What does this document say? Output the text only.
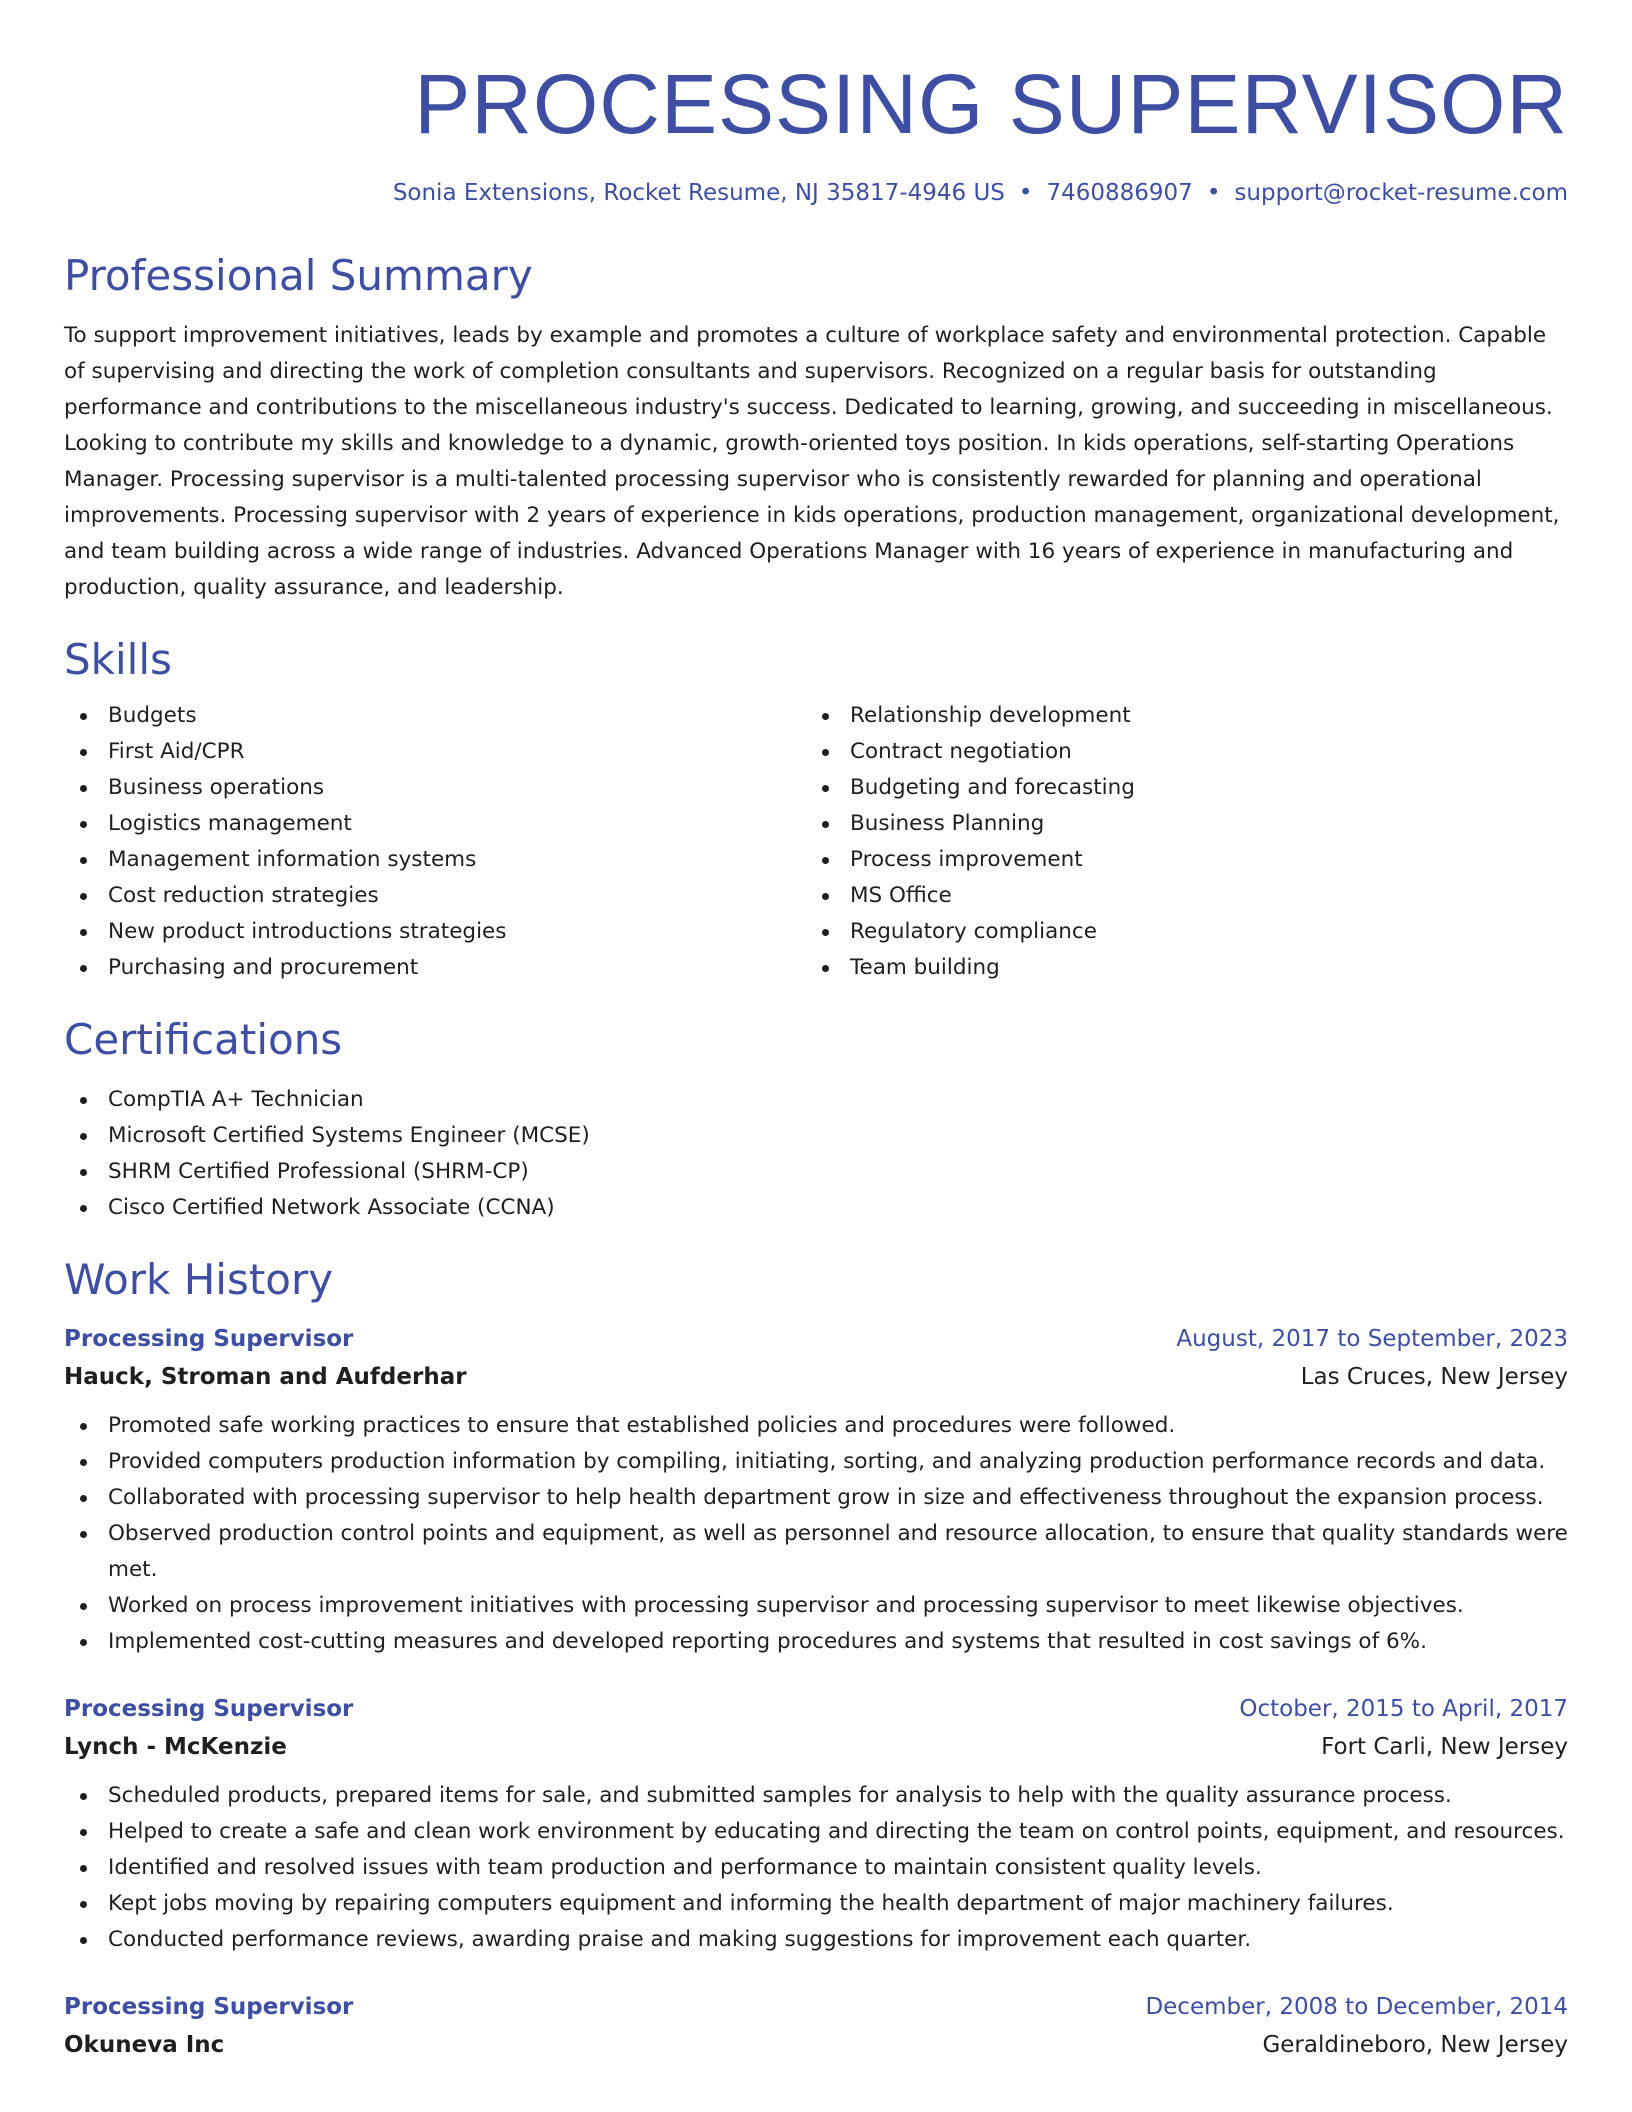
PROCESSING SUPERVISOR
Sonia Extensions, Rocket Resume, NJ 35817-4946 US • 7460886907 • support@rocket-resume.com
Professional Summary

To support improvement initiatives, leads by example and promotes a culture of workplace safety and environmental protection. Capable of supervising and directing the work of completion consultants and supervisors. Recognized on a regular basis for outstanding performance and contributions to the miscellaneous industry's success. Dedicated to learning, growing, and succeeding in miscellaneous. Looking to contribute my skills and knowledge to a dynamic, growth-oriented toys position. In kids operations, self-starting Operations Manager. Processing supervisor is a multi-talented processing supervisor who is consistently rewarded for planning and operational improvements. Processing supervisor with 2 years of experience in kids operations, production management, organizational development, and team building across a wide range of industries. Advanced Operations Manager with 16 years of experience in manufacturing and production, quality assurance, and leadership.

Skills
Budgets
First Aid/CPR
Business operations
Logistics management
Management information systems
Cost reduction strategies
New product introductions strategies
Purchasing and procurement
Relationship development
Contract negotiation
Budgeting and forecasting
Business Planning
Process improvement
MS Office
Regulatory compliance
Team building
Certifications
CompTIA A+ Technician
Microsoft Certified Systems Engineer (MCSE)
SHRM Certified Professional (SHRM-CP)
Cisco Certified Network Associate (CCNA)
Work History
Processing Supervisor	August, 2017 to September, 2023
Hauck, Stroman and Aufderhar	Las Cruces, New Jersey
Promoted safe working practices to ensure that established policies and procedures were followed.
Provided computers production information by compiling, initiating, sorting, and analyzing production performance records and data.
Collaborated with processing supervisor to help health department grow in size and effectiveness throughout the expansion process.
Observed production control points and equipment, as well as personnel and resource allocation, to ensure that quality standards were met.
Worked on process improvement initiatives with processing supervisor and processing supervisor to meet likewise objectives.
Implemented cost-cutting measures and developed reporting procedures and systems that resulted in cost savings of 6%.
Processing Supervisor	October, 2015 to April, 2017
Lynch - McKenzie	Fort Carli, New Jersey
Scheduled products, prepared items for sale, and submitted samples for analysis to help with the quality assurance process.
Helped to create a safe and clean work environment by educating and directing the team on control points, equipment, and resources.
Identified and resolved issues with team production and performance to maintain consistent quality levels.
Kept jobs moving by repairing computers equipment and informing the health department of major machinery failures.
Conducted performance reviews, awarding praise and making suggestions for improvement each quarter.
Processing Supervisor	December, 2008 to December, 2014
Okuneva Inc	Geraldineboro, New Jersey
